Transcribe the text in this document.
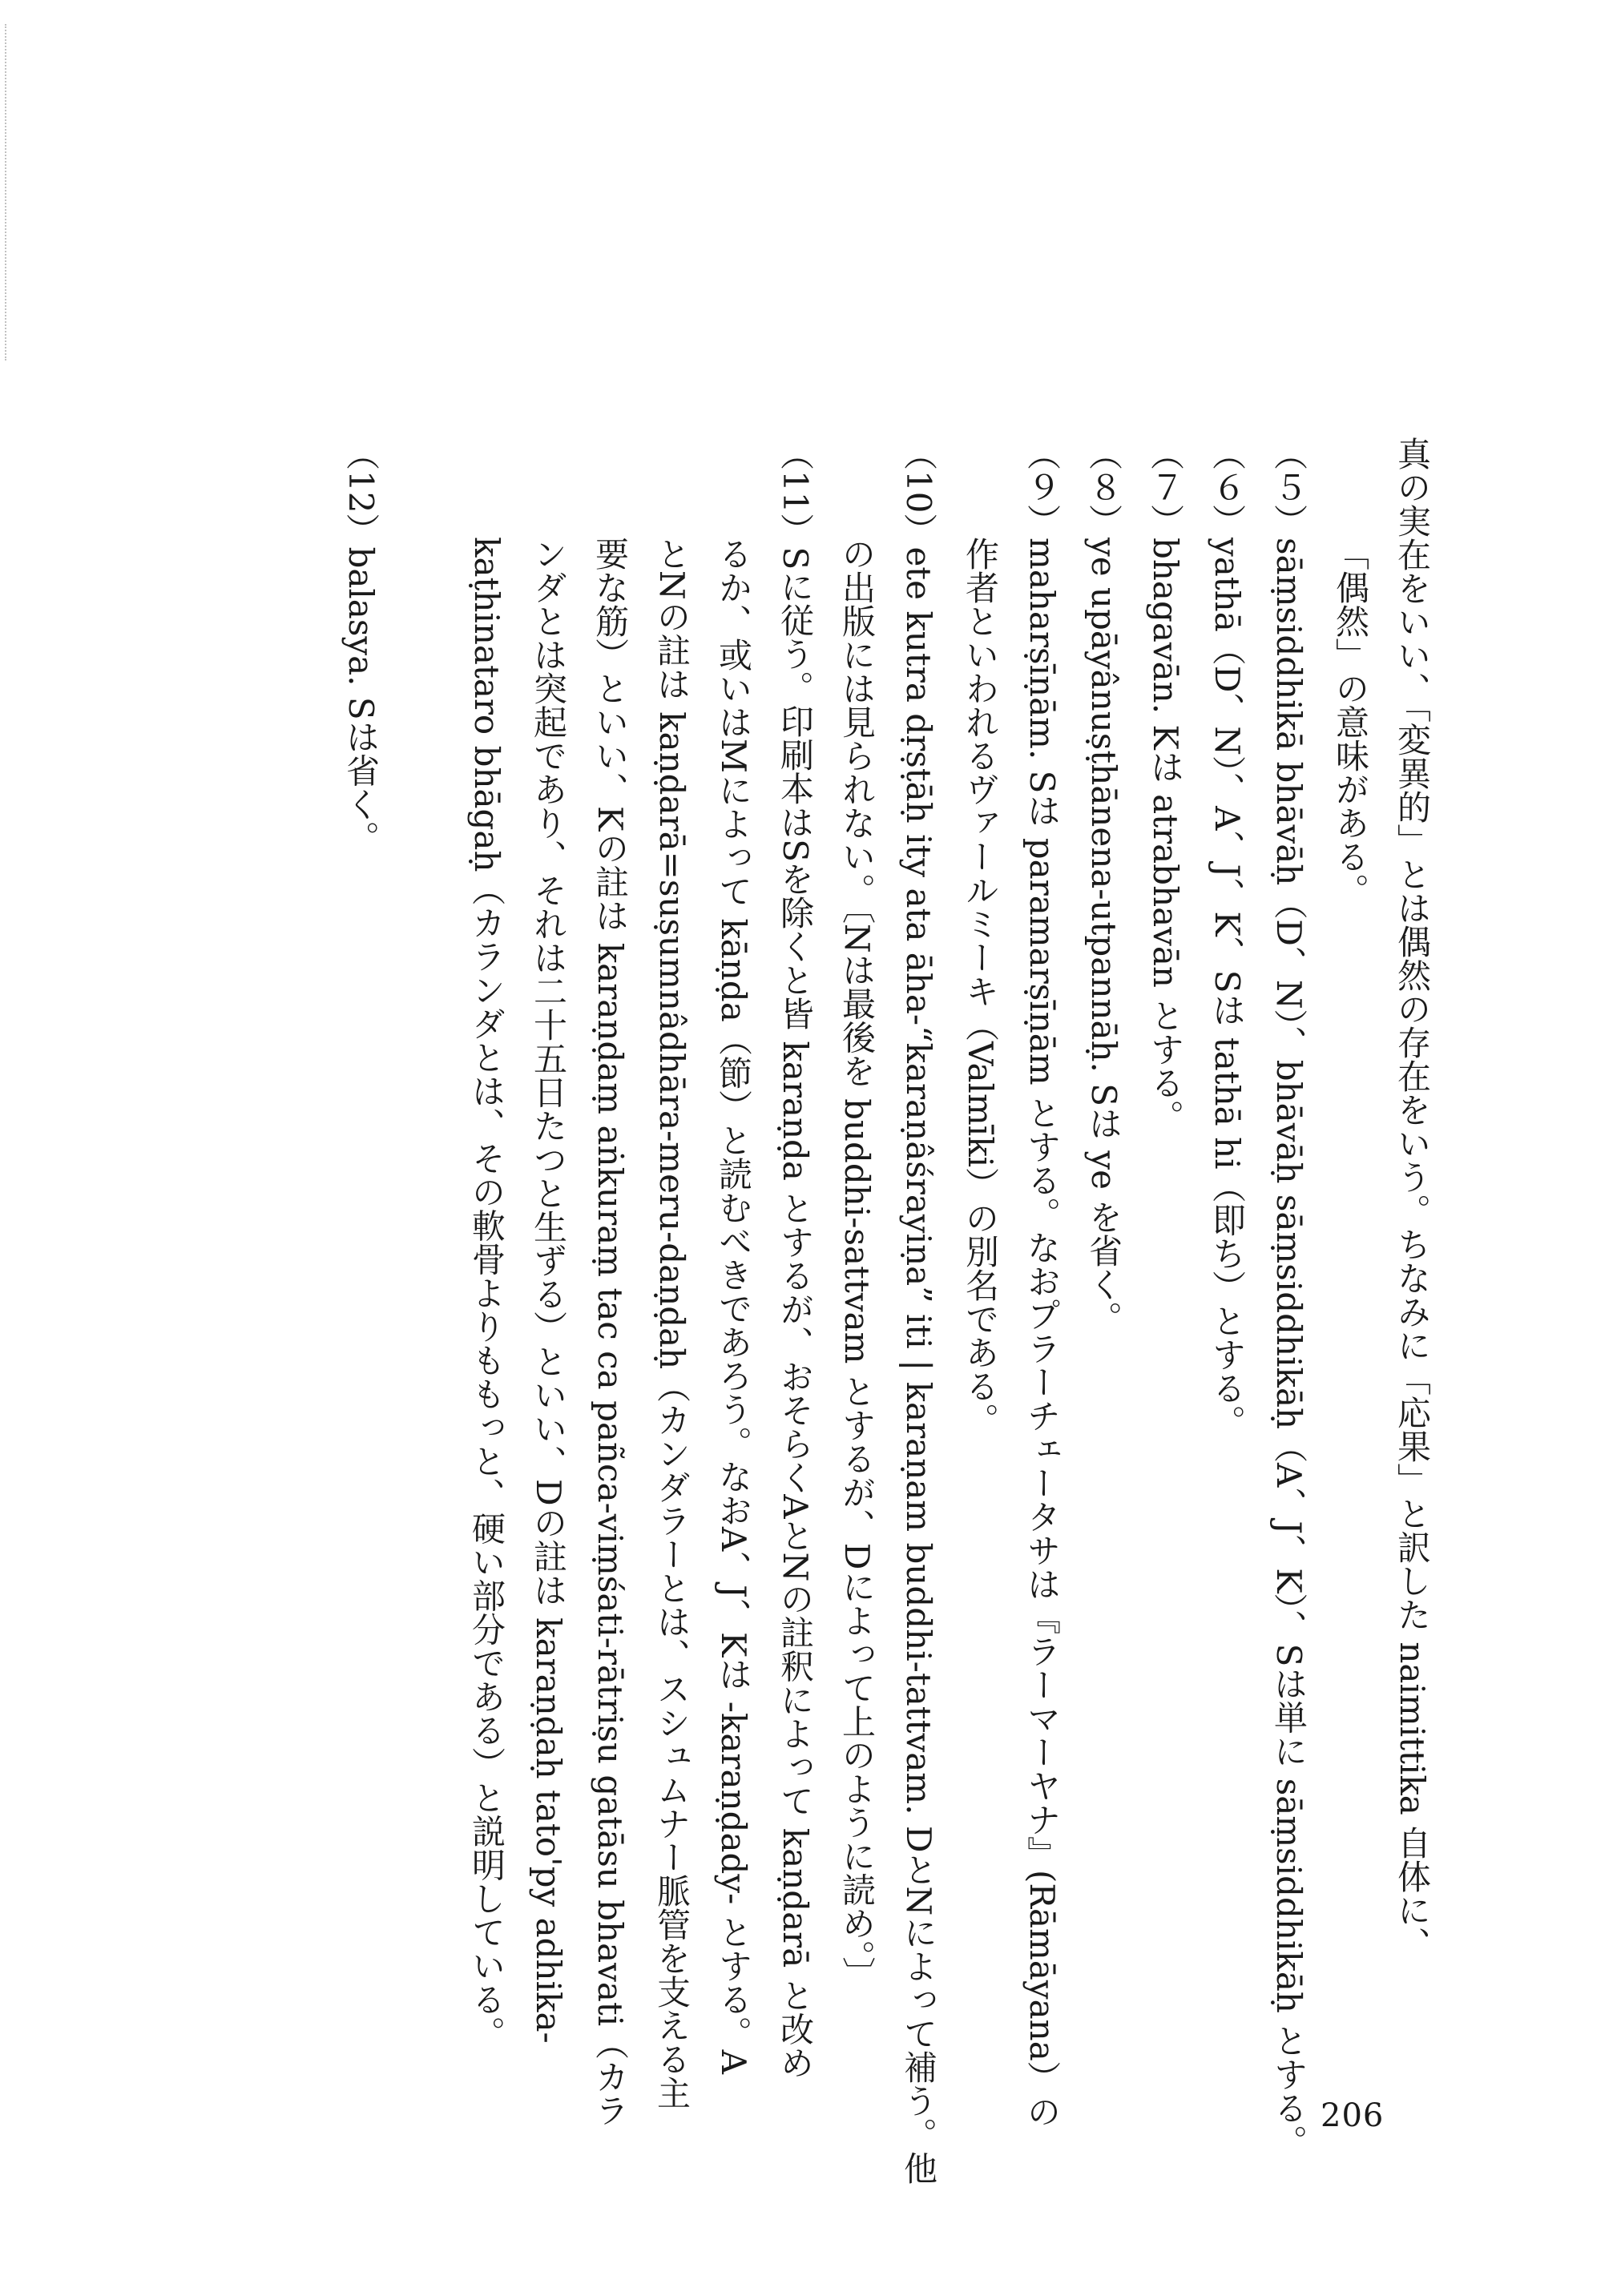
真の実在をいい、「変異的」とは偶然の存在をいう。ちなみに「応果」と訳した naimittika 自体に、
「偶然」の意味がある。
（５）sāṃsiddhikā bhāvāḥ（D、N）、bhāvāḥ sāṃsiddhikāḥ（A、J、K）、Sは単に sāṃsiddhikāḥ とする。
（６）yathā（D、N）、A、J、K、Sは tathā hi（即ち）とする。
（７）bhagavān. Kは atrabhavān とする。
（８）ye upāyânuṣṭhānena-utpannāḥ. Sは ye を省く。
（９）maharṣīṇām. Sは paramarṣīṇām とする。なおプラーチェータサは『ラーマーヤナ』(Rāmāyana）の
作者といわれるヴァールミーキ（Valmīki）の別名である。
（10）ete kutra dṛṣṭāḥ ity ata āha-“karaṇâśrayiṇa” iti | karaṇam buddhi-tattvam. DとNによって補う。他
の出版には見られない。〔Nは最後を buddhi-sattvam とするが、Dによって上のように読め。〕
（11）Sに従う。印刷本はSを除くと皆 karaṇḍa とするが、おそらくAとNの註釈によって kaṇḍarā と改め
るか、或いはMによって kāṇḍa（節）と読むべきであろう。なおA、J、Kは -karaṇḍady- とする。A
とNの註は kaṇḍarā=suṣumnâdhāra-meru-daṇḍaḥ（カンダラーとは、スシュムナー脈管を支える主
要な筋）といい、Kの註は karaṇḍaṃ aṅkuraṃ tac ca pañca-viṃśati-rātriṣu gatāsu bhavati（カラ
ンダとは突起であり、それは二十五日たつと生ずる）といい、Dの註は karaṇḍaḥ tato'py adhika-
kaṭhinataro bhāgaḥ（カランダとは、その軟骨よりももっと、硬い部分である）と説明している。
（12）balasya. Sは省く。
206
